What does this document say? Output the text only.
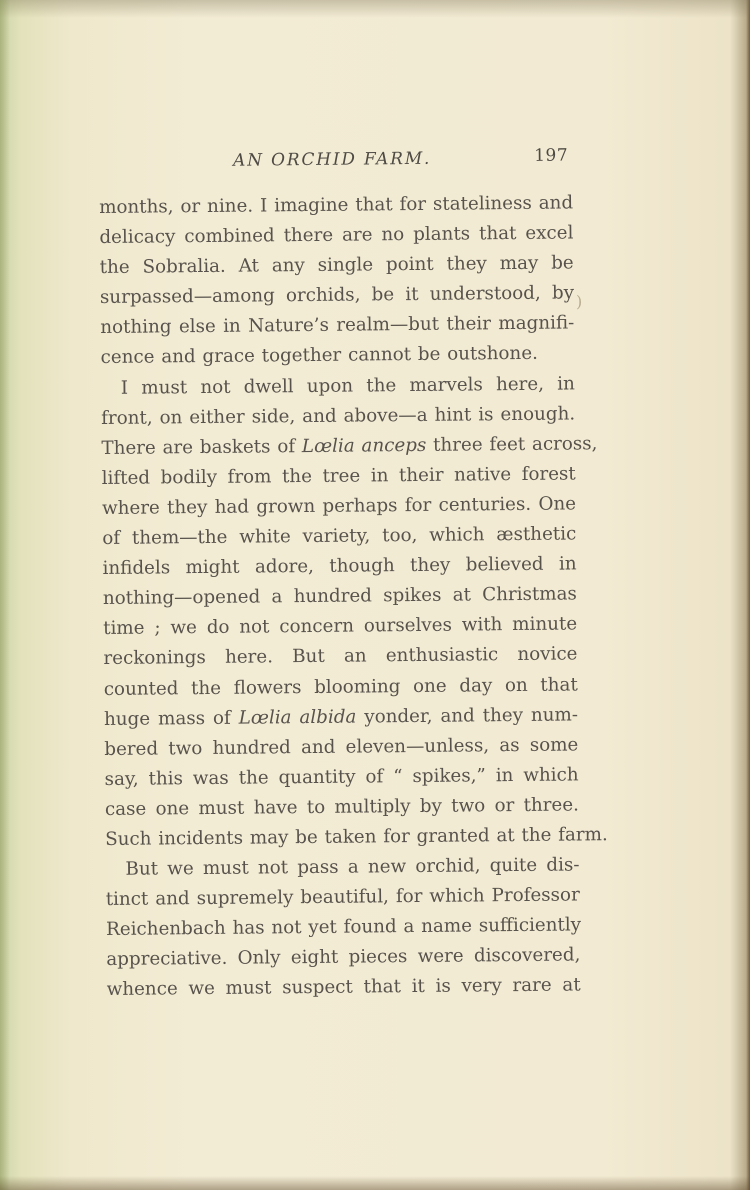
AN ORCHID FARM.	197
months, or nine. I imagine that for stateliness and
delicacy combined there are no plants that excel
the Sobralia. At any single point they may be
surpassed—among orchids, be it understood, by
nothing else in Nature’s realm—but their magnifi-
cence and grace together cannot be outshone.
I must not dwell upon the marvels here, in
front, on either side, and above—a hint is enough.
There are baskets of Lœlia anceps three feet across,
lifted bodily from the tree in their native forest
where they had grown perhaps for centuries. One
of them—the white variety, too, which æsthetic
infidels might adore, though they believed in
nothing—opened a hundred spikes at Christmas
time ; we do not concern ourselves with minute
reckonings here. But an enthusiastic novice
counted the flowers blooming one day on that
huge mass of Lœlia albida yonder, and they num-
bered two hundred and eleven—unless, as some
say, this was the quantity of “ spikes,” in which
case one must have to multiply by two or three.
Such incidents may be taken for granted at the farm.
But we must not pass a new orchid, quite dis-
tinct and supremely beautiful, for which Professor
Reichenbach has not yet found a name sufficiently
appreciative. Only eight pieces were discovered,
whence we must suspect that it is very rare at
)
